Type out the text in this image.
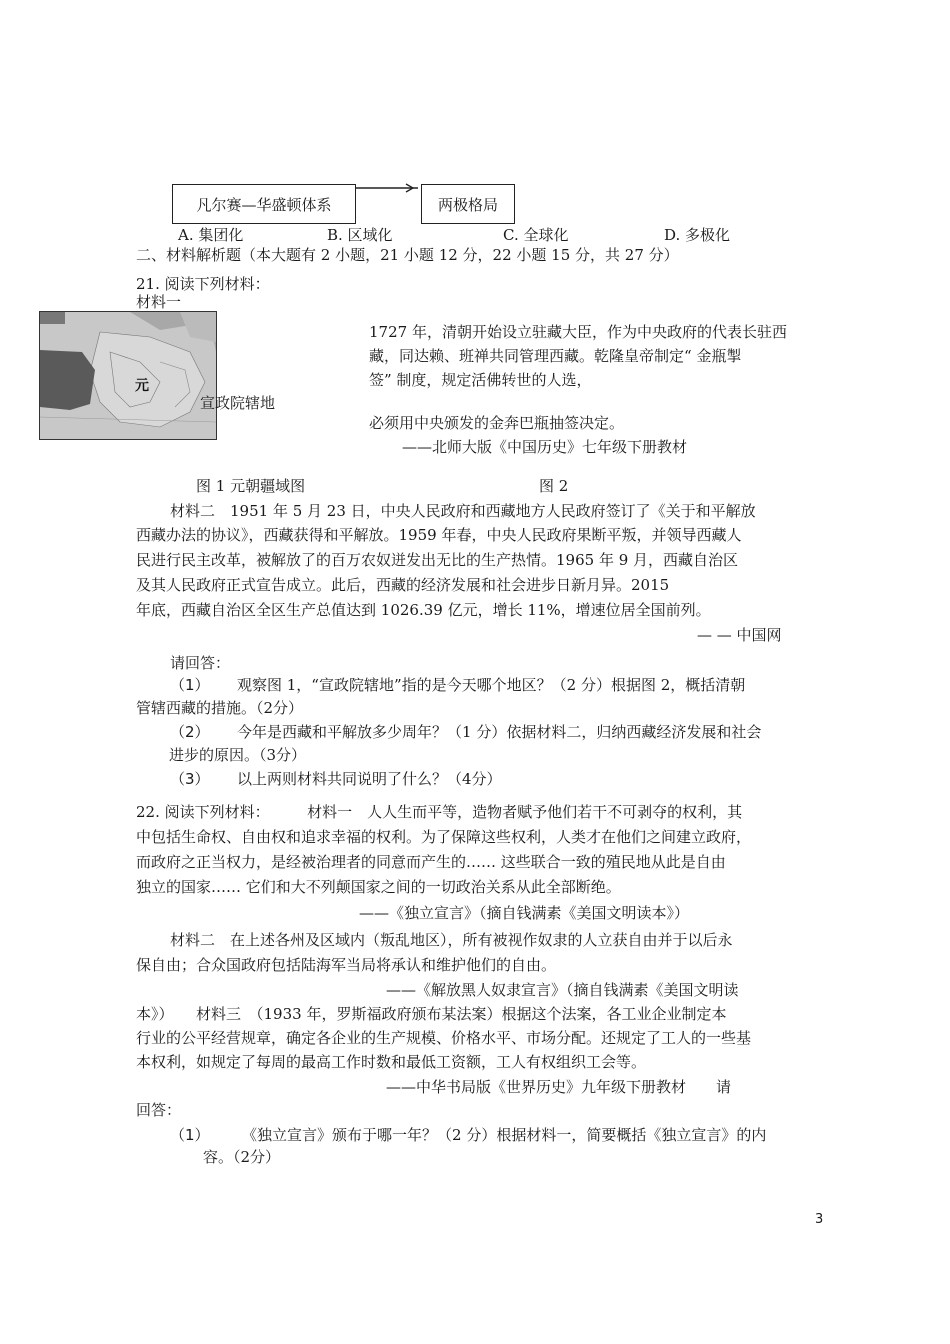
凡尔赛—华盛顿体系	两极格局
A. 集团化	B. 区域化	C. 全球化	D. 多极化
二、材料解析题（本大题有 2 小题，21 小题 12 分，22 小题 15 分，共 27 分）
21. 阅读下列材料：
材料一
元
宣政院辖地
1727 年，清朝开始设立驻藏大臣，作为中央政府的代表长驻西
藏，同达赖、班禅共同管理西藏。乾隆皇帝制定“ 金瓶掣
签” 制度，规定活佛转世的人选，
必须用中央颁发的金奔巴瓶抽签决定。
——北师大版《中国历史》七年级下册教材
图 1 元朝疆域图	图 2
材料二　1951 年 5 月 23 日，中央人民政府和西藏地方人民政府签订了《关于和平解放
西藏办法的协议》，西藏获得和平解放。1959 年春，中央人民政府果断平叛，并领导西藏人
民进行民主改革，被解放了的百万农奴迸发出无比的生产热情。1965 年 9 月，西藏自治区
及其人民政府正式宣告成立。此后，西藏的经济发展和社会进步日新月异。2015
年底，西藏自治区全区生产总值达到 1026.39 亿元，增长 11%，增速位居全国前列。
— — 中国网
请回答：
（1） 观察图 1，“宣政院辖地”指的是今天哪个地区？（2 分）根据图 2，概括清朝
管辖西藏的措施。（2分）
（2） 今年是西藏和平解放多少周年？（1 分）依据材料二，归纳西藏经济发展和社会
进步的原因。（3分）
（3） 以上两则材料共同说明了什么？（4分）
22. 阅读下列材料：　　　材料一　人人生而平等，造物者赋予他们若干不可剥夺的权利，其
中包括生命权、自由权和追求幸福的权利。为了保障这些权利，人类才在他们之间建立政府，
而政府之正当权力，是经被治理者的同意而产生的…… 这些联合一致的殖民地从此是自由
独立的国家…… 它们和大不列颠国家之间的一切政治关系从此全部断绝。
——《独立宣言》（摘自钱满素《美国文明读本》）
材料二　在上述各州及区域内（叛乱地区），所有被视作奴隶的人立获自由并于以后永
保自由；合众国政府包括陆海军当局将承认和维护他们的自由。
——《解放黑人奴隶宣言》（摘自钱满素《美国文明读
本》）　　材料三　（1933 年，罗斯福政府颁布某法案）根据这个法案，各工业企业制定本
行业的公平经营规章，确定各企业的生产规模、价格水平、市场分配。还规定了工人的一些基
本权利，如规定了每周的最高工作时数和最低工资额，工人有权组织工会等。
——中华书局版《世界历史》九年级下册教材　　请
回答：
（1） 《独立宣言》颁布于哪一年？（2 分）根据材料一，简要概括《独立宣言》的内
容。（2分）
3
